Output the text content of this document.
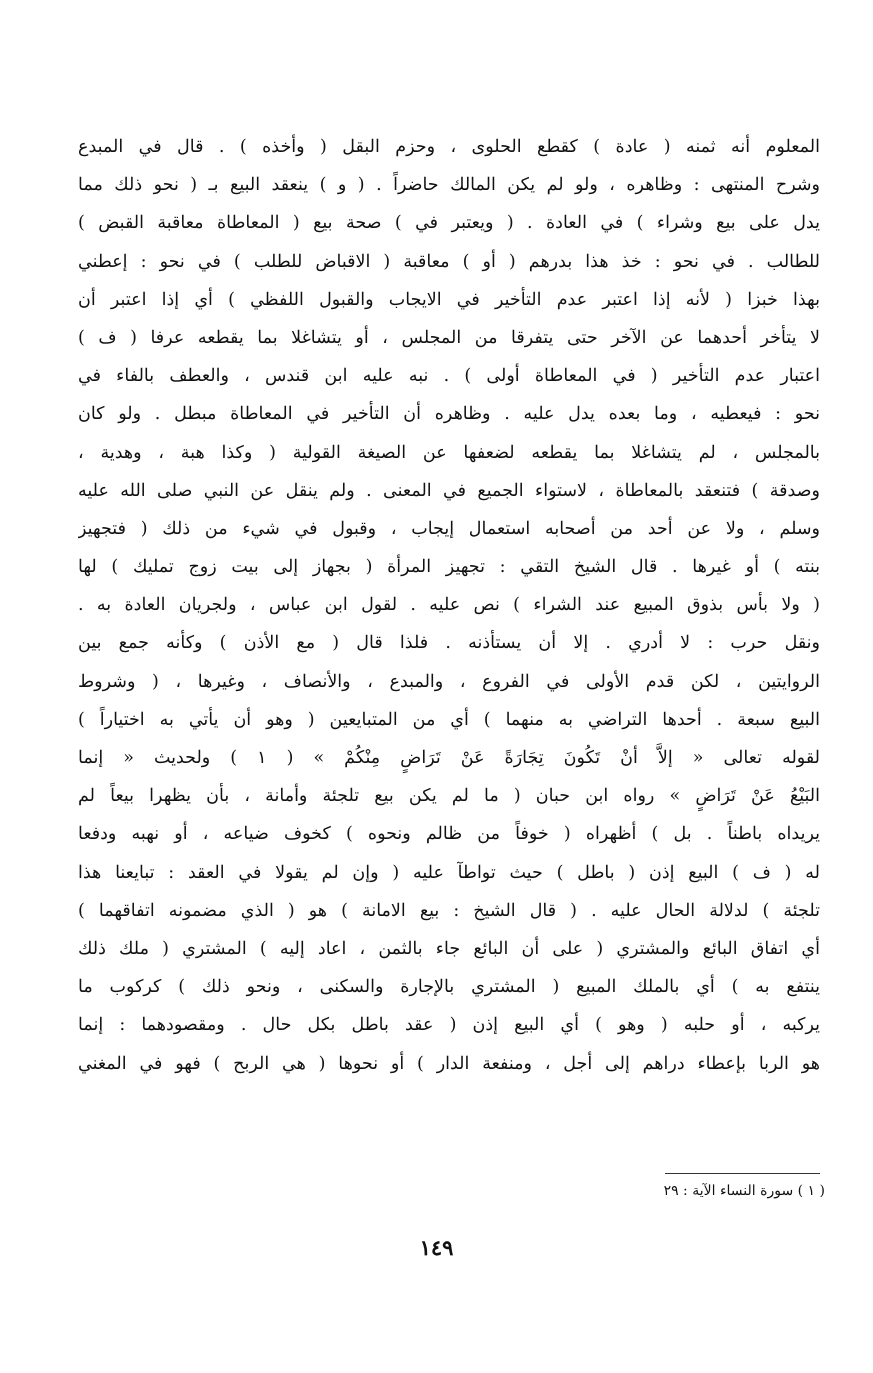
المعلوم أنه ثمنه ( عادة ) كقطع الحلوى ، وحزم البقل ( وأخذه ) . قال في المبدع
وشرح المنتهى : وظاهره ، ولو لم يكن المالك حاضراً . ( و ) ينعقد البيع بـ ( نحو ذلك مما
يدل على بيع وشراء ) في العادة . ( ويعتبر في ) صحة بيع ( المعاطاة معاقبة القبض )
للطالب . في نحو : خذ هذا بدرهم ( أو ) معاقبة ( الاقباض للطلب ) في نحو : إعطني
بهذا خبزا ( لأنه إذا اعتبر عدم التأخير في الايجاب والقبول اللفظي ) أي إذا اعتبر أن
لا يتأخر أحدهما عن الآخر حتى يتفرقا من المجلس ، أو يتشاغلا بما يقطعه عرفا ( ف )
اعتبار عدم التأخير ( في المعاطاة أولى ) . نبه عليه ابن قندس ، والعطف بالفاء في
نحو : فيعطيه ، وما بعده يدل عليه . وظاهره أن التأخير في المعاطاة مبطل . ولو كان
بالمجلس ، لم يتشاغلا بما يقطعه لضعفها عن الصيغة القولية ( وكذا هبة ، وهدية ،
وصدقة ) فتنعقد بالمعاطاة ، لاستواء الجميع في المعنى . ولم ينقل عن النبي صلى الله عليه
وسلم ، ولا عن أحد من أصحابه استعمال إيجاب ، وقبول في شيء من ذلك ( فتجهيز
بنته ) أو غيرها . قال الشيخ التقي : تجهيز المرأة ( بجهاز إلى بيت زوج تمليك ) لها
( ولا بأس بذوق المبيع عند الشراء ) نص عليه . لقول ابن عباس ، ولجريان العادة به .
ونقل حرب : لا أدري . إلا أن يستأذنه . فلذا قال ( مع الأذن ) وكأنه جمع بين
الروايتين ، لكن قدم الأولى في الفروع ، والمبدع ، والأنصاف ، وغيرها ، ( وشروط
البيع سبعة . أحدها التراضي به منهما ) أي من المتبايعين ( وهو أن يأتي به اختياراً )
لقوله تعالى « إلاَّ أنْ تَكُونَ تِجَارَةً عَنْ تَرَاضٍ مِنْكُمْ » ( ١ ) ولحديث « إنما
البَيْعُ عَنْ تَرَاضٍ » رواه ابن حبان ( ما لم يكن بيع تلجئة وأمانة ، بأن يظهرا بيعاً لم
يريداه باطناً . بل ) أظهراه ( خوفاً من ظالم ونحوه ) كخوف ضياعه ، أو نهبه ودفعا
له ( ف ) البيع إذن ( باطل ) حيث تواطآ عليه ( وإن لم يقولا في العقد : تبايعنا هذا
تلجئة ) لدلالة الحال عليه . ( قال الشيخ : بيع الامانة ) هو ( الذي مضمونه اتفاقهما )
أي اتفاق البائع والمشتري ( على أن البائع جاء بالثمن ، اعاد إليه ) المشتري ( ملك ذلك
ينتفع به ) أي بالملك المبيع ( المشتري بالإجارة والسكنى ، ونحو ذلك ) كركوب ما
يركبه ، أو حلبه ( وهو ) أي البيع إذن ( عقد باطل بكل حال . ومقصودهما : إنما
هو الربا بإعطاء دراهم إلى أجل ، ومنفعة الدار ) أو نحوها ( هي الربح ) فهو في المغني
( ١ ) سورة النساء الآية : ٢٩
١٤٩
